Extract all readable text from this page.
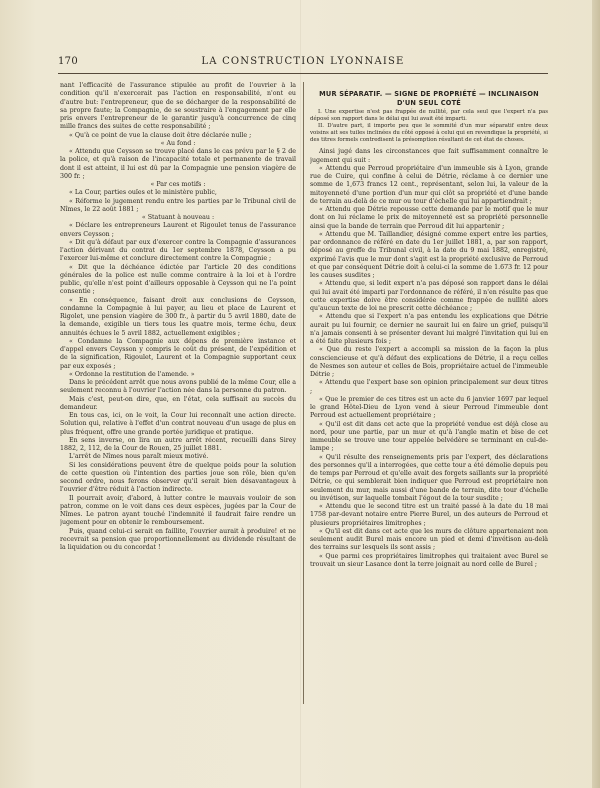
170	LA CONSTRUCTION LYONNAISE

nant l'efficacité de l'assurance stipulée au profit de l'ouvrier à la condition qu'il n'exercerait pas l'action en responsabilité, n'ont eu d'autre but: l'entrepreneur, que de se décharger de la responsabilité de sa propre faute; la Compagnie, de se soustraire à l'engagement par elle pris envers l'entrepreneur de le garantir jusqu'à concurrence de cinq mille francs des suites de cette responsabilité ;

« Qu'à ce point de vue la clause doit être déclarée nulle ;

« Au fond :

« Attendu que Ceysson se trouve placé dans le cas prévu par le § 2 de la police, et qu'à raison de l'incapacité totale et permanente de travail dont il est atteint, il lui est dû par la Compagnie une pension viagère de 300 fr. ;

« Par ces motifs :

« La Cour, parties ouïes et le ministère public,

« Réforme le jugement rendu entre les parties par le Tribunal civil de Nîmes, le 22 août 1881 ;

« Statuant à nouveau :

« Déclare les entrepreneurs Laurent et Rigoulet tenus de l'assurance envers Ceysson ;

« Dit qu'à défaut par eux d'exercer contre la Compagnie d'assurances l'action dérivant du contrat du 1er septembre 1878, Ceysson a pu l'exercer lui-même et conclure directement contre la Compagnie ;

« Dit que la déchéance édictée par l'article 20 des conditions générales de la police est nulle comme contraire à la loi et à l'ordre public, qu'elle n'est point d'ailleurs opposable à Ceysson qui ne l'a point consentie ;

« En conséquence, faisant droit aux conclusions de Ceysson, condamne la Compagnie à lui payer, au lieu et place de Laurent et Rigolet, une pension viagère de 300 fr., à partir du 5 avril 1880, date de la demande, exigible un tiers tous les quatre mois, terme échu, deux annuités échues le 5 avril 1882, actuellement exigibles ;

« Condamne la Compagnie aux dépens de première instance et d'appel envers Ceysson y compris le coût du présent, de l'expédition et de la signification, Rigoulet, Laurent et la Compagnie supportant ceux par eux exposés ;

« Ordonne la restitution de l'amende. »

Dans le précédent arrêt que nous avons publié de la même Cour, elle a seulement reconnu à l'ouvrier l'action née dans la personne du patron.

Mais c'est, peut-on dire, que, en l'état, cela suffisait au succès du demandeur.

En tous cas, ici, on le voit, la Cour lui reconnaît une action directe. Solution qui, relative à l'effet d'un contrat nouveau d'un usage de plus en plus fréquent, offre une grande portée juridique et pratique.

En sens inverse, on lira un autre arrêt récent, recueilli dans Sirey 1882, 2, 112, de la Cour de Rouen, 25 juillet 1881.

L'arrêt de Nîmes nous paraît mieux motivé.

Si les considérations peuvent être de quelque poids pour la solution de cette question où l'intention des parties joue son rôle, bien qu'en second ordre, nous ferons observer qu'il serait bien désavantageux à l'ouvrier d'être réduit à l'action indirecte.

Il pourrait avoir, d'abord, à lutter contre le mauvais vouloir de son patron, comme on le voit dans ces deux espèces, jugées par la Cour de Nîmes. Le patron ayant touché l'indemnité il faudrait faire rendre un jugement pour en obtenir le remboursement.

Puis, quand celui-ci serait en faillite, l'ouvrier aurait à produire! et ne recevrait sa pension que proportionnellement au dividende résultant de la liquidation ou du concordat !

MUR SÉPARATIF. — SIGNE DE PROPRIÉTÉ — INCLINAISON D'UN SEUL COTÉ

I. Une expertise n'est pas frappée de nullité, par cela seul que l'expert n'a pas déposé son rapport dans le délai qui lui avait été imparti.

II. D'autre part, il importe peu que le sommité d'un mur séparatif entre deux voisins ait ses tuiles inclinées du côté opposé à celui qui en revendique la propriété, si des titres formels contredisent la présomption résultant de cet état de choses.

Ainsi jugé dans les circonstances que fait suffisamment connaître le jugement qui suit :

« Attendu que Perroud propriétaire d'un immeuble sis à Lyon, grande rue de Cuire, qui confine à celui de Détrie, réclame à ce dernier une somme de 1,673 francs 12 cent., représentant, selon lui, la valeur de la mitoyenneté d'une portion d'un mur qui clôt sa propriété et d'une bande de terrain au-delà de ce mur ou tour d'échelle qui lui appartiendrait ;

« Attendu que Détrie repousse cette demande par le motif que le mur dont on lui réclame le prix de mitoyenneté est sa propriété personnelle ainsi que la bande de terrain que Perroud dit lui appartenir ;

« Attendu que M. Taillandier, désigné comme expert entre les parties, par ordonnance de référé en date du 1er juillet 1881, a, par son rapport, déposé au greffe du Tribunal civil, à la date du 9 mai 1882, enregistré, exprimé l'avis que le mur dont s'agit est la propriété exclusive de Perroud et que par conséquent Détrie doit à celui-ci la somme de 1.673 fr. 12 pour les causes susdites ;

« Attendu que, si ledit expert n'a pas déposé son rapport dans le délai qui lui avait été imparti par l'ordonnance de référé, il n'en résulte pas que cette expertise doive être considérée comme frappée de nullité alors qu'aucun texte de loi ne prescrit cette déchéance ;

« Attendu que si l'expert n'a pas entendu les explications que Détrie aurait pu lui fournir, ce dernier ne saurait lui en faire un grief, puisqu'il n'a jamais consenti à se présenter devant lui malgré l'invitation qui lui en a été faite plusieurs fois ;

« Que du reste l'expert a accompli sa mission de la façon la plus consciencieuse et qu'à défaut des explications de Détrie, il a reçu celles de Nesmes son auteur et celles de Bois, propriétaire actuel de l'immeuble Détrie ;

« Attendu que l'expert base son opinion principalement sur deux titres ;

« Que le premier de ces titres est un acte du 6 janvier 1697 par lequel le grand Hôtel-Dieu de Lyon vend à sieur Perroud l'immeuble dont Perroud est actuellement propriétaire ;

« Qu'il est dit dans cet acte que la propriété vendue est déjà close au nord, pour une partie, par un mur et qu'à l'angle matin et bise de cet immeuble se trouve une tour appelée belvédère se terminant en cul-de-lampe ;

« Qu'il résulte des renseignements pris par l'expert, des déclarations des personnes qu'il a interrogées, que cette tour a été démolie depuis peu de temps par Perroud et qu'elle avait des forgets saillants sur la propriété Détrie, ce qui semblerait bien indiquer que Perroud est propriétaire non seulement du mur, mais aussi d'une bande de terrain, dite tour d'échelle ou invétison, sur laquelle tombait l'égout de la tour susdite ;

« Attendu que le second titre est un traité passé à la date du 18 mai 1758 par-devant notaire entre Pierre Burel, un des auteurs de Perroud et plusieurs propriétaires limitrophes ;

« Qu'il est dit dans cet acte que les murs de clôture appartenaient non seulement audit Burel mais encore un pied et demi d'invétison au-delà des terrains sur lesquels ils sont assis ;

« Que parmi ces propriétaires limitrophes qui traitaient avec Burel se trouvait un sieur Lasance dont la terre joignait au nord celle de Burel ;
